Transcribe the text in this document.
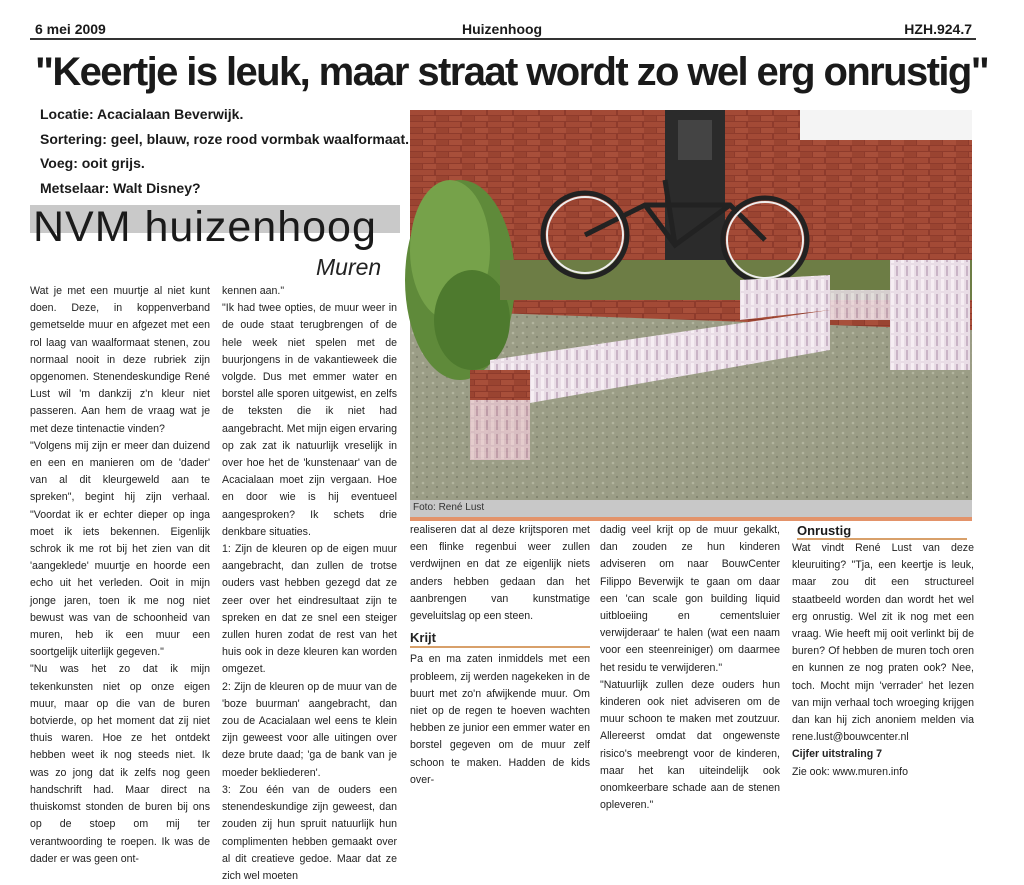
6 mei 2009	Huizenhoog	HZH.924.7
"Keertje is leuk, maar straat wordt zo wel erg onrustig"
Locatie: Acacialaan Beverwijk.
Sortering: geel, blauw, roze rood vormbak waalformaat.
Voeg: ooit grijs.
Metselaar: Walt Disney?
NVM huizenhoog
Muren

Wat je met een muurtje al niet kunt doen. Deze, in koppenverband gemetselde muur en afgezet met een rol laag van waalformaat stenen, zou normaal nooit in deze rubriek zijn opgenomen. Stenendeskundige René Lust wil 'm dankzij z'n kleur niet passeren. Aan hem de vraag wat je met deze tintenactie vinden?

"Volgens mij zijn er meer dan duizend en een en manieren om de 'dader' van al dit kleurgeweld aan te spreken", begint hij zijn verhaal. "Voordat ik er echter dieper op inga moet ik iets bekennen. Eigenlijk schrok ik me rot bij het zien van dit 'aangeklede' muurtje en hoorde een echo uit het verleden. Ooit in mijn jonge jaren, toen ik me nog niet bewust was van de schoonheid van muren, heb ik een muur een soortgelijk uiterlijk gegeven."

"Nu was het zo dat ik mijn tekenkunsten niet op onze eigen muur, maar op die van de buren botvierde, op het moment dat zij niet thuis waren. Hoe ze het ontdekt hebben weet ik nog steeds niet. Ik was zo jong dat ik zelfs nog geen handschrift had. Maar direct na thuiskomst stonden de buren bij ons op de stoep om mij ter verantwoording te roepen. Ik was de dader er was geen ont-

kennen aan."

"Ik had twee opties, de muur weer in de oude staat terugbrengen of de hele week niet spelen met de buurjongens in de vakantieweek die volgde. Dus met emmer water en borstel alle sporen uitgewist, en zelfs de teksten die ik niet had aangebracht. Met mijn eigen ervaring op zak zat ik natuurlijk vreselijk in over hoe het de 'kunstenaar' van de Acacialaan moet zijn vergaan. Hoe en door wie is hij eventueel aangesproken? Ik schets drie denkbare situaties.

1: Zijn de kleuren op de eigen muur aangebracht, dan zullen de trotse ouders vast hebben gezegd dat ze zeer over het eindresultaat zijn te spreken en dat ze snel een steiger zullen huren zodat de rest van het huis ook in deze kleuren kan worden omgezet.

2: Zijn de kleuren op de muur van de 'boze buurman' aangebracht, dan zou de Acacialaan wel eens te klein zijn geweest voor alle uitingen over deze brute daad; 'ga de bank van je moeder bekliederen'.

3: Zou één van de ouders een stenendeskundige zijn geweest, dan zouden zij hun spruit natuurlijk hun complimenten hebben gemaakt over al dit creatieve gedoe. Maar dat ze zich wel moeten

Foto: René Lust

realiseren dat al deze krijtsporen met een flinke regenbui weer zullen verdwijnen en dat ze eigenlijk niets anders hebben gedaan dan het aanbrengen van kunstmatige geveluitslag op een steen.

Krijt

Pa en ma zaten inmiddels met een probleem, zij werden nagekeken in de buurt met zo'n afwijkende muur. Om niet op de regen te hoeven wachten hebben ze junior een emmer water en borstel gegeven om de muur zelf schoon te maken. Hadden de kids over-

dadig veel krijt op de muur gekalkt, dan zouden ze hun kinderen adviseren om naar BouwCenter Filippo Beverwijk te gaan om daar een 'can scale gon building liquid uitbloeiing en cementsluier verwijderaar' te halen (wat een naam voor een steenreiniger) om daarmee het residu te verwijderen."

"Natuurlijk zullen deze ouders hun kinderen ook niet adviseren om de muur schoon te maken met zoutzuur. Allereerst omdat dat ongewenste risico's meebrengt voor de kinderen, maar het kan uiteindelijk ook onomkeerbare schade aan de stenen opleveren."

Onrustig

Wat vindt René Lust van deze kleuruiting? "Tja, een keertje is leuk, maar zou dit een structureel staatbeeld worden dan wordt het wel erg onrustig. Wel zit ik nog met een vraag. Wie heeft mij ooit verlinkt bij de buren? Of hebben de muren toch oren en kunnen ze nog praten ook? Nee, toch. Mocht mijn 'verrader' het lezen van mijn verhaal toch wroeging krijgen dan kan hij zich anoniem melden via rene.lust@bouwcenter.nl

Cijfer uitstraling 7

Zie ook: www.muren.info
